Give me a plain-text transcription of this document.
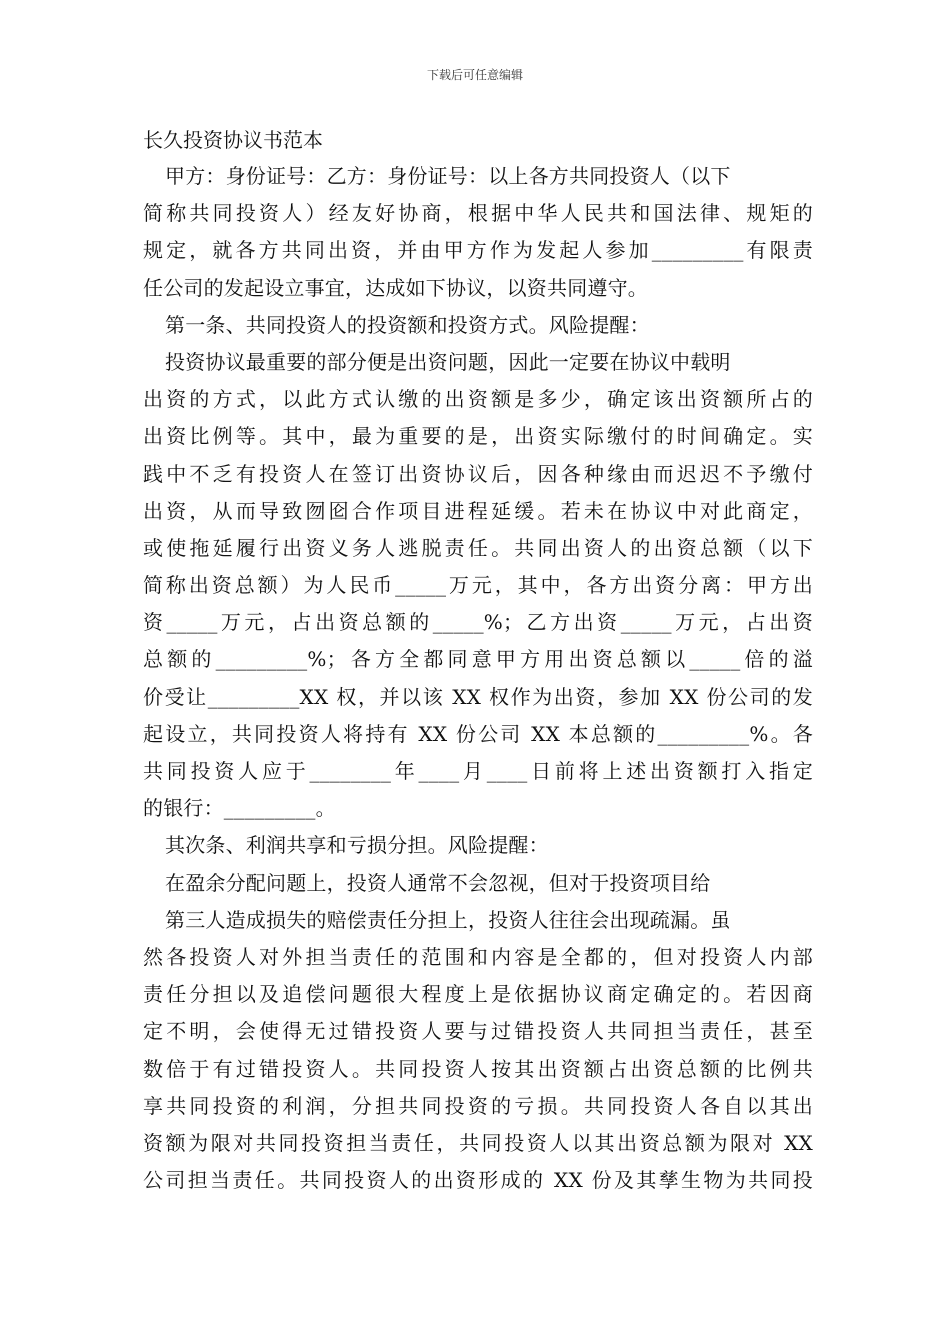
下载后可任意编辑
长久投资协议书范本
甲方：身份证号：乙方：身份证号：以上各方共同投资人（以下
简称共同投资人）经友好协商，根据中华人民共和国法律、规矩的
规定，就各方共同出资，并由甲方作为发起人参加_________有限责
任公司的发起设立事宜，达成如下协议，以资共同遵守。
第一条、共同投资人的投资额和投资方式。风险提醒：
投资协议最重要的部分便是出资问题，因此一定要在协议中载明
出资的方式，以此方式认缴的出资额是多少，确定该出资额所占的
出资比例等。其中，最为重要的是，出资实际缴付的时间确定。实
践中不乏有投资人在签订出资协议后，因各种缘由而迟迟不予缴付
出资，从而导致囫囵合作项目进程延缓。若未在协议中对此商定，
或使拖延履行出资义务人逃脱责任。共同出资人的出资总额（以下
简称出资总额）为人民币_____万元，其中，各方出资分离：甲方出
资_____万元，占出资总额的_____%；乙方出资_____万元，占出资
总额的_________%；各方全都同意甲方用出资总额以_____倍的溢
价受让_________XX 权，并以该 XX 权作为出资，参加 XX 份公司的发
起设立，共同投资人将持有 XX 份公司 XX 本总额的_________%。各
共同投资人应于________年____月____日前将上述出资额打入指定
的银行：_________。
其次条、利润共享和亏损分担。风险提醒：
在盈余分配问题上，投资人通常不会忽视，但对于投资项目给
第三人造成损失的赔偿责任分担上，投资人往往会出现疏漏。虽
然各投资人对外担当责任的范围和内容是全都的，但对投资人内部
责任分担以及追偿问题很大程度上是依据协议商定确定的。若因商
定不明，会使得无过错投资人要与过错投资人共同担当责任，甚至
数倍于有过错投资人。共同投资人按其出资额占出资总额的比例共
享共同投资的利润，分担共同投资的亏损。共同投资人各自以其出
资额为限对共同投资担当责任，共同投资人以其出资总额为限对 XX
公司担当责任。共同投资人的出资形成的 XX 份及其孳生物为共同投
